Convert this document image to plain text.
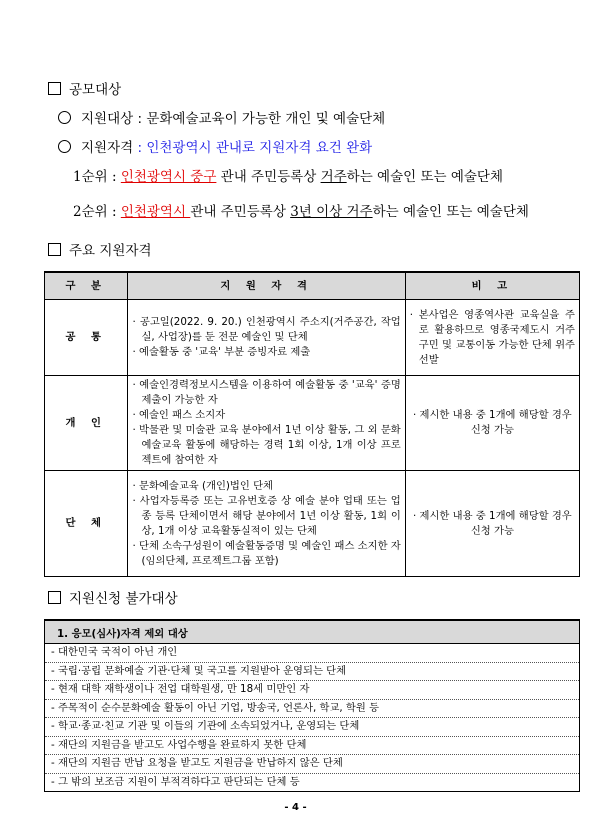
공모대상
지원대상 : 문화예술교육이 가능한 개인 및 예술단체
지원자격 : 인천광역시 관내로 지원자격 요건 완화
1순위 : 인천광역시 중구 관내 주민등록상 거주하는 예술인 또는 예술단체
2순위 : 인천광역시 관내 주민등록상 3년 이상 거주하는 예술인 또는 예술단체
주요 지원자격
구 분	지 원 자 격	비 고
공 통	· 공고일(2022. 9. 20.) 인천광역시 주소지(거주공간, 작업실, 사업장)를 둔 전문 예술인 및 단체
· 예술활동 중 '교육' 부분 증빙자료 제출	· 본사업은 영종역사관 교육실을 주로 활용하므로 영종국제도시 거주 구민 및 교통이동 가능한 단체 위주 선발

개 인	· 예술인경력정보시스템을 이용하여 예술활동 중 '교육' 증명 제출이 가능한 자
· 예술인 패스 소지자
· 박물관 및 미술관 교육 분야에서 1년 이상 활동, 그 외 문화예술교육 활동에 해당하는 경력 1회 이상, 1개 이상 프로젝트에 참여한 자	· 제시한 내용 중 1개에 해당할 경우 신청 가능
단 체	· 문화예술교육 (개인)법인 단체
· 사업자등록증 또는 고유번호증 상 예술 분야 업태 또는 업종 등록 단체이면서 해당 분야에서 1년 이상 활동, 1회 이상, 1개 이상 교육활동실적이 있는 단체
· 단체 소속구성원이 예술활동증명 및 예술인 패스 소지한 자(임의단체, 프로젝트그룹 포함)	· 제시한 내용 중 1개에 해당할 경우 신청 가능
지원신청 불가대상
1. 응모(심사)자격 제외 대상
- 대한민국 국적이 아닌 개인
- 국립·공립 문화예술 기관·단체 및 국고를 지원받아 운영되는 단체
- 현재 대학 재학생이나 전업 대학원생, 만 18세 미만인 자
- 주목적이 순수문화예술 활동이 아닌 기업, 방송국, 언론사, 학교, 학원 등
- 학교·종교·친교 기관 및 이들의 기관에 소속되었거나, 운영되는 단체
- 재단의 지원금을 받고도 사업수행을 완료하지 못한 단체
- 재단의 지원금 반납 요청을 받고도 지원금을 반납하지 않은 단체
- 그 밖의 보조금 지원이 부적격하다고 판단되는 단체 등
- 4 -
